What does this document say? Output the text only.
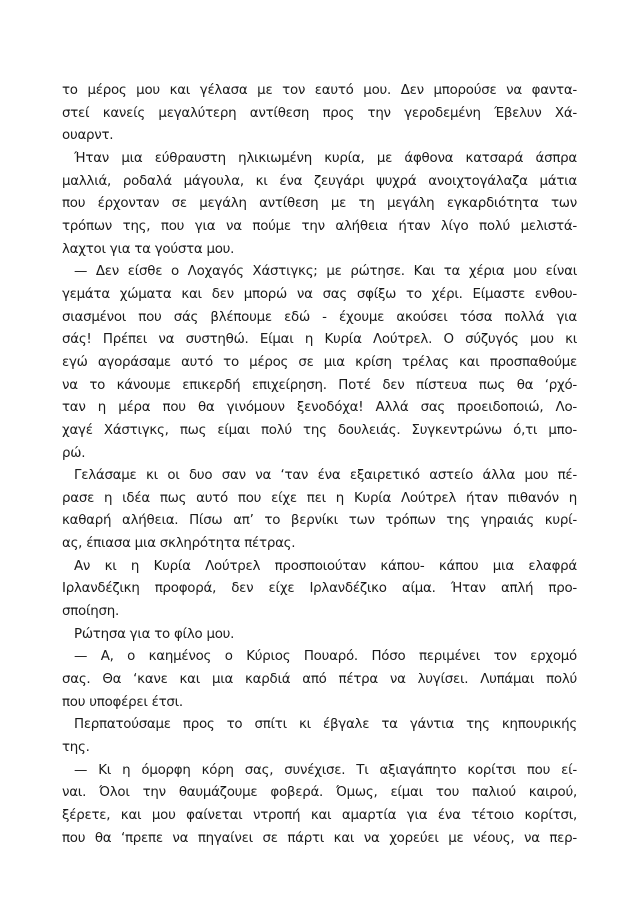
το μέρος μου και γέλασα με τον εαυτό μου. Δεν μπορούσε να φαντα-
στεί κανείς μεγαλύτερη αντίθεση προς την γεροδεμένη Έβελυν Χά-
ουαρντ.
Ήταν μια εύθραυστη ηλικιωμένη κυρία, με άφθονα κατσαρά άσπρα
μαλλιά, ροδαλά μάγουλα, κι ένα ζευγάρι ψυχρά ανοιχτογάλαζα μάτια
που έρχονταν σε μεγάλη αντίθεση με τη μεγάλη εγκαρδιότητα των
τρόπων της, που για να πούμε την αλήθεια ήταν λίγο πολύ μελιστά-
λαχτοι για τα γούστα μου.
— Δεν είσθε ο Λοχαγός Χάστιγκς; με ρώτησε. Και τα χέρια μου είναι
γεμάτα χώματα και δεν μπορώ να σας σφίξω το χέρι. Είμαστε ενθου-
σιασμένοι που σάς βλέπουμε εδώ - έχουμε ακούσει τόσα πολλά για
σάς! Πρέπει να συστηθώ. Είμαι η Κυρία Λούτρελ. Ο σύζυγός μου κι
εγώ αγοράσαμε αυτό το μέρος σε μια κρίση τρέλας και προσπαθούμε
να το κάνουμε επικερδή επιχείρηση. Ποτέ δεν πίστευα πως θα ‘ρχό-
ταν η μέρα που θα γινόμουν ξενοδόχα! Αλλά σας προειδοποιώ, Λο-
χαγέ Χάστιγκς, πως είμαι πολύ της δουλειάς. Συγκεντρώνω ό,τι μπο-
ρώ.
Γελάσαμε κι οι δυο σαν να ‘ταν ένα εξαιρετικό αστείο άλλα μου πέ-
ρασε η ιδέα πως αυτό που είχε πει η Κυρία Λούτρελ ήταν πιθανόν η
καθαρή αλήθεια. Πίσω απ’ το βερνίκι των τρόπων της γηραιάς κυρί-
ας, έπιασα μια σκληρότητα πέτρας.
Αν κι η Κυρία Λούτρελ προσποιούταν κάπου- κάπου μια ελαφρά
Ιρλανδέζικη προφορά, δεν είχε Ιρλανδέζικο αίμα. Ήταν απλή προ-
σποίηση.
Ρώτησα για το φίλο μου.
— Α, ο καημένος ο Κύριος Πουαρό. Πόσο περιμένει τον ερχομό
σας. Θα ‘κανε και μια καρδιά από πέτρα να λυγίσει. Λυπάμαι πολύ
που υποφέρει έτσι.
Περπατούσαμε προς το σπίτι κι έβγαλε τα γάντια της κηπουρικής
της.
— Κι η όμορφη κόρη σας, συνέχισε. Τι αξιαγάπητο κορίτσι που εί-
ναι. Όλοι την θαυμάζουμε φοβερά. Όμως, είμαι του παλιού καιρού,
ξέρετε, και μου φαίνεται ντροπή και αμαρτία για ένα τέτοιο κορίτσι,
που θα ‘πρεπε να πηγαίνει σε πάρτι και να χορεύει με νέους, να περ-
